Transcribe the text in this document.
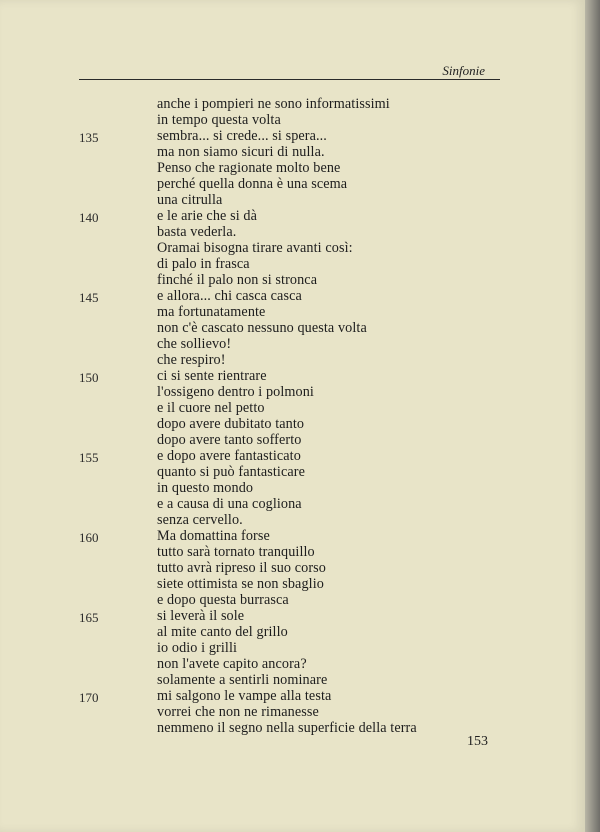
Sinfonie
anche i pompieri ne sono informatissimi
in tempo questa volta
sembra... si crede... si spera...
ma non siamo sicuri di nulla.
Penso che ragionate molto bene
perché quella donna è una scema
una citrulla
e le arie che si dà
basta vederla.
Oramai bisogna tirare avanti così:
di palo in frasca
finché il palo non si stronca
e allora... chi casca casca
ma fortunatamente
non c'è cascato nessuno questa volta
che sollievo!
che respiro!
ci si sente rientrare
l'ossigeno dentro i polmoni
e il cuore nel petto
dopo avere dubitato tanto
dopo avere tanto sofferto
e dopo avere fantasticato
quanto si può fantasticare
in questo mondo
e a causa di una cogliona
senza cervello.
Ma domattina forse
tutto sarà tornato tranquillo
tutto avrà ripreso il suo corso
siete ottimista se non sbaglio
e dopo questa burrasca
si leverà il sole
al mite canto del grillo
io odio i grilli
non l'avete capito ancora?
solamente a sentirli nominare
mi salgono le vampe alla testa
vorrei che non ne rimanesse
nemmeno il segno nella superficie della terra
135
140
145
150
155
160
165
170
153
